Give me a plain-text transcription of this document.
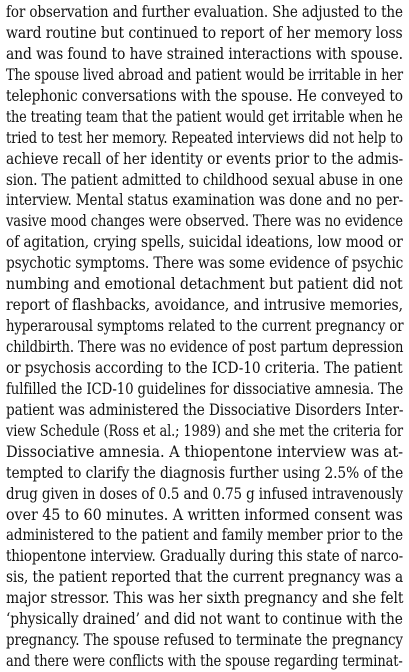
for observation and further evaluation. She adjusted to the
ward routine but continued to report of her memory loss
and was found to have strained interactions with spouse.
The spouse lived abroad and patient would be irritable in her
telephonic conversations with the spouse. He conveyed to
the treating team that the patient would get irritable when he
tried to test her memory. Repeated interviews did not help to
achieve recall of her identity or events prior to the admis-
sion. The patient admitted to childhood sexual abuse in one
interview. Mental status examination was done and no per-
vasive mood changes were observed. There was no evidence
of agitation, crying spells, suicidal ideations, low mood or
psychotic symptoms. There was some evidence of psychic
numbing and emotional detachment but patient did not
report of flashbacks, avoidance, and intrusive memories,
hyperarousal symptoms related to the current pregnancy or
childbirth. There was no evidence of post partum depression
or psychosis according to the ICD-10 criteria. The patient
fulfilled the ICD-10 guidelines for dissociative amnesia. The
patient was administered the Dissociative Disorders Inter-
view Schedule (Ross et al.; 1989) and she met the criteria for
Dissociative amnesia. A thiopentone interview was at-
tempted to clarify the diagnosis further using 2.5% of the
drug given in doses of 0.5 and 0.75 g infused intravenously
over 45 to 60 minutes. A written informed consent was
administered to the patient and family member prior to the
thiopentone interview. Gradually during this state of narco-
sis, the patient reported that the current pregnancy was a
major stressor. This was her sixth pregnancy and she felt
‘physically drained’ and did not want to continue with the
pregnancy. The spouse refused to terminate the pregnancy
and there were conflicts with the spouse regarding terminat-
